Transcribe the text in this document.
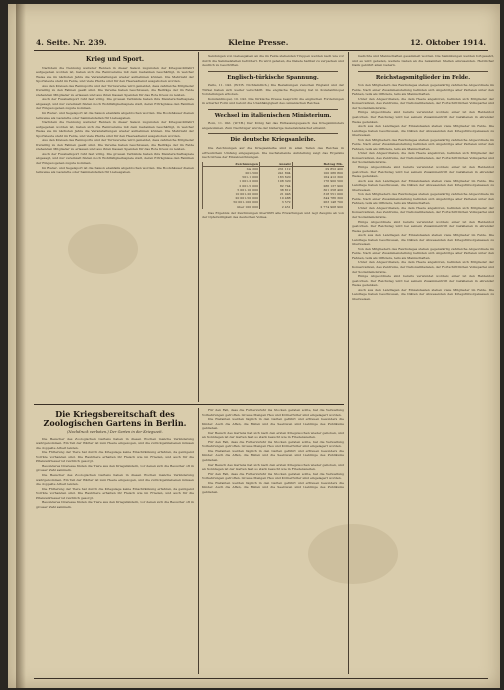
4. Seite. Nr. 239.	Kleine Presse.	12. Oktober 1914.
Krieg und Sport.

Nachdem die Nennung weiterer Rennen in dieser Saison zugunsten der Kriegswohlfahrt aufgegeben worden ist, haben sich die Rennvereine mit dem Gedanken beschäftigt, in welcher Weise sie im nächsten Jahre die Veranstaltungen wieder aufnehmen können. Die Mehrzahl der Sportsleute steht im Felde, und viele Pferde sind für den Heeresdienst ausgehoben worden.

Aus den Kreisen des Rennsports und der Turnvereine wird gemeldet, dass zahlreiche Mitglieder freiwillig zu den Fahnen geeilt sind. Die Vereine haben beschlossen, die Beiträge der im Felde stehenden Mitglieder zu erlassen und aus ihren Kassen Spenden für das Rote Kreuz zu leisten.

Auch der Fussballsport ruht fast völlig. Die grossen Verbände haben ihre Meisterschaftsspiele abgesagt, und nur vereinzelt finden noch Wohltätigkeitsspiele statt, deren Erträgnisse den Familien der Eingezogenen zugute kommen.

Im Ruder- und Segelsport ist die Saison ebenfalls abgebrochen worden. Die Bootshäuser dienen teilweise als Lazarette oder Sammelstellen für Liebesgaben.

Nachdem die Nennung weiterer Rennen in dieser Saison zugunsten der Kriegswohlfahrt aufgegeben worden ist, haben sich die Rennvereine mit dem Gedanken beschäftigt, in welcher Weise sie im nächsten Jahre die Veranstaltungen wieder aufnehmen können. Die Mehrzahl der Sportsleute steht im Felde, und viele Pferde sind für den Heeresdienst ausgehoben worden.

Aus den Kreisen des Rennsports und der Turnvereine wird gemeldet, dass zahlreiche Mitglieder freiwillig zu den Fahnen geeilt sind. Die Vereine haben beschlossen, die Beiträge der im Felde stehenden Mitglieder zu erlassen und aus ihren Kassen Spenden für das Rote Kreuz zu leisten.

Auch der Fussballsport ruht fast völlig. Die grossen Verbände haben ihre Meisterschaftsspiele abgesagt, und nur vereinzelt finden noch Wohltätigkeitsspiele statt, deren Erträgnisse den Familien der Eingezogenen zugute kommen.

Im Ruder- und Segelsport ist die Saison ebenfalls abgebrochen worden. Die Bootshäuser dienen teilweise als Lazarette oder Sammelstellen für Liebesgaben.

Sendungen von Liebesgaben an die im Felde stehenden Truppen werden nach wie vor durch die Sammelstellen befördert. Es wird gebeten, die Pakete haltbar zu verpacken und deutlich zu beschriften.

Englisch-türkische Spannung.

Paris, 11. Okt. (W.T.B. Nichtamtlich.) Die Beziehungen zwischen England und der Türkei haben sich weiter verschärft. Die englische Regierung hat in Konstantinopel Vorstellungen erhoben.

Konstantinopel, 10. Okt. Die türkische Presse bespricht die englischen Forderungen in scharfer Form und betont die Unabhängigkeit des osmanischen Reiches.

Wechsel im italienischen Ministerium.

Rom, 11. Okt. (W.T.B.) Der König hat das Entlassungsgesuch des Kriegsministers angenommen. Zum Nachfolger wurde der bisherige Generalstabschef ernannt.

Die deutsche Kriegsanleihe.

Die Zeichnungen auf die Kriegsanleihe sind in allen Teilen des Reiches in erfreulichem Umfang eingegangen. Die nachstehende Aufstellung zeigt das Ergebnis nach Grösse der Einzelzeichnungen.

Zeichnungen	Anzahl	Betrag Mk.
bis 200	231 112	29 852 400
201-500	241 804	100 286 800
501-1 000	183 620	164 412 300
1 001-2 000	108 320	176 900 500
2 001-5 000	82 744	286 137 900
5 001-10 000	38 812	301 258 400
10 001-20 000	21 046	318 551 000
20 001-50 000	10 488	344 786 300
50 001-100 000	3 572	263 148 700
über 100 000	2 451	2 774 908 900

Das Ergebnis der Zeichnungen übertrifft alle Erwartungen und legt Zeugnis ab von der Opferwilligkeit des deutschen Volkes.

Gedichte und Mannschaften gesammelt worden. Die Sammlungen werden fortgesetzt, und es wird gebeten, weitere Gaben an die bekannten Stellen einzusenden. Herzlicher Dank gebührt allen Gebern.

Reichstagsmitglieder im Felde.

Von den Mitgliedern des Reichstages stehen gegenwärtig zahlreiche Abgeordnete im Felde. Nach einer Zusammenstellung befinden sich Angehörige aller Parteien unter den Fahnen, teils als Offiziere, teils als Mannschaften.

Unter den Abgeordneten, die dem Heere angehören, befinden sich Mitglieder der Konservativen, des Zentrums, der Nationalliberalen, der Fortschrittlichen Volkspartei und der Sozialdemokratie.

Einige Abgeordnete sind bereits verwundet worden; einer ist den Heldentod gestorben. Der Reichstag wird bei seinem Zusammentritt der Gefallenen in ehrender Weise gedenken.

Auch aus den Landtagen der Einzelstaaten stehen viele Mitglieder im Felde. Die Landtage haben beschlossen, die Diäten der Abwesenden den Kriegsfürsorgekassen zu überweisen.

Von den Mitgliedern des Reichstages stehen gegenwärtig zahlreiche Abgeordnete im Felde. Nach einer Zusammenstellung befinden sich Angehörige aller Parteien unter den Fahnen, teils als Offiziere, teils als Mannschaften.

Unter den Abgeordneten, die dem Heere angehören, befinden sich Mitglieder der Konservativen, des Zentrums, der Nationalliberalen, der Fortschrittlichen Volkspartei und der Sozialdemokratie.

Einige Abgeordnete sind bereits verwundet worden; einer ist den Heldentod gestorben. Der Reichstag wird bei seinem Zusammentritt der Gefallenen in ehrender Weise gedenken.

Auch aus den Landtagen der Einzelstaaten stehen viele Mitglieder im Felde. Die Landtage haben beschlossen, die Diäten der Abwesenden den Kriegsfürsorgekassen zu überweisen.

Von den Mitgliedern des Reichstages stehen gegenwärtig zahlreiche Abgeordnete im Felde. Nach einer Zusammenstellung befinden sich Angehörige aller Parteien unter den Fahnen, teils als Offiziere, teils als Mannschaften.

Unter den Abgeordneten, die dem Heere angehören, befinden sich Mitglieder der Konservativen, des Zentrums, der Nationalliberalen, der Fortschrittlichen Volkspartei und der Sozialdemokratie.

Einige Abgeordnete sind bereits verwundet worden; einer ist den Heldentod gestorben. Der Reichstag wird bei seinem Zusammentritt der Gefallenen in ehrender Weise gedenken.

Auch aus den Landtagen der Einzelstaaten stehen viele Mitglieder im Felde. Die Landtage haben beschlossen, die Diäten der Abwesenden den Kriegsfürsorgekassen zu überweisen.

Von den Mitgliedern des Reichstages stehen gegenwärtig zahlreiche Abgeordnete im Felde. Nach einer Zusammenstellung befinden sich Angehörige aller Parteien unter den Fahnen, teils als Offiziere, teils als Mannschaften.

Unter den Abgeordneten, die dem Heere angehören, befinden sich Mitglieder der Konservativen, des Zentrums, der Nationalliberalen, der Fortschrittlichen Volkspartei und der Sozialdemokratie.

Einige Abgeordnete sind bereits verwundet worden; einer ist den Heldentod gestorben. Der Reichstag wird bei seinem Zusammentritt der Gefallenen in ehrender Weise gedenken.

Auch aus den Landtagen der Einzelstaaten stehen viele Mitglieder im Felde. Die Landtage haben beschlossen, die Diäten der Abwesenden den Kriegsfürsorgekassen zu überweisen.

Die Kriegsbereitschaft des Zoologischen Gartens in Berlin.
(Nachdruck verboten.) Der Garten in der Kriegszeit.

Die Besucher des Zoologischen Gartens haben in diesen Wochen manche Veränderung wahrgenommen. Ein Teil der Wärter ist zum Heere eingezogen, und die zurückgebliebenen müssen die doppelte Arbeit leisten.

Die Fütterung der Tiere hat durch die Kriegslage keine Einschränkung erfahren, da genügend Vorräte vorhanden sind. Die Raubtiere erhalten ihr Fleisch wie im Frieden, und auch für die Pflanzenfresser ist reichlich gesorgt.

Besonderes Interesse finden die Tiere aus den Kriegsländern, vor denen sich die Besucher oft in grosser Zahl sammeln.

Die Besucher des Zoologischen Gartens haben in diesen Wochen manche Veränderung wahrgenommen. Ein Teil der Wärter ist zum Heere eingezogen, und die zurückgebliebenen müssen die doppelte Arbeit leisten.

Die Fütterung der Tiere hat durch die Kriegslage keine Einschränkung erfahren, da genügend Vorräte vorhanden sind. Die Raubtiere erhalten ihr Fleisch wie im Frieden, und auch für die Pflanzenfresser ist reichlich gesorgt.

Besonderes Interesse finden die Tiere aus den Kriegsländern, vor denen sich die Besucher oft in grosser Zahl sammeln.

Für den Fall, dass die Futterzufuhr ins Stocken geraten sollte, hat die Verwaltung Vorkehrungen getroffen. Grosse Mengen Heu und Körnerfutter sind eingelagert worden.

Die Elefanten werden täglich in den Garten geführt und erfreuen besonders die Kinder. Auch die Affen, die Bären und die Seelöwen sind Lieblinge des Publikums geblieben.

Der Besuch des Gartens hat sich nach den ersten Kriegswochen wieder gehoben, und an Sonntagen ist der Garten fast so stark besucht wie in Friedenszeiten.

Für den Fall, dass die Futterzufuhr ins Stocken geraten sollte, hat die Verwaltung Vorkehrungen getroffen. Grosse Mengen Heu und Körnerfutter sind eingelagert worden.

Die Elefanten werden täglich in den Garten geführt und erfreuen besonders die Kinder. Auch die Affen, die Bären und die Seelöwen sind Lieblinge des Publikums geblieben.

Der Besuch des Gartens hat sich nach den ersten Kriegswochen wieder gehoben, und an Sonntagen ist der Garten fast so stark besucht wie in Friedenszeiten.

Für den Fall, dass die Futterzufuhr ins Stocken geraten sollte, hat die Verwaltung Vorkehrungen getroffen. Grosse Mengen Heu und Körnerfutter sind eingelagert worden.

Die Elefanten werden täglich in den Garten geführt und erfreuen besonders die Kinder. Auch die Affen, die Bären und die Seelöwen sind Lieblinge des Publikums geblieben.
